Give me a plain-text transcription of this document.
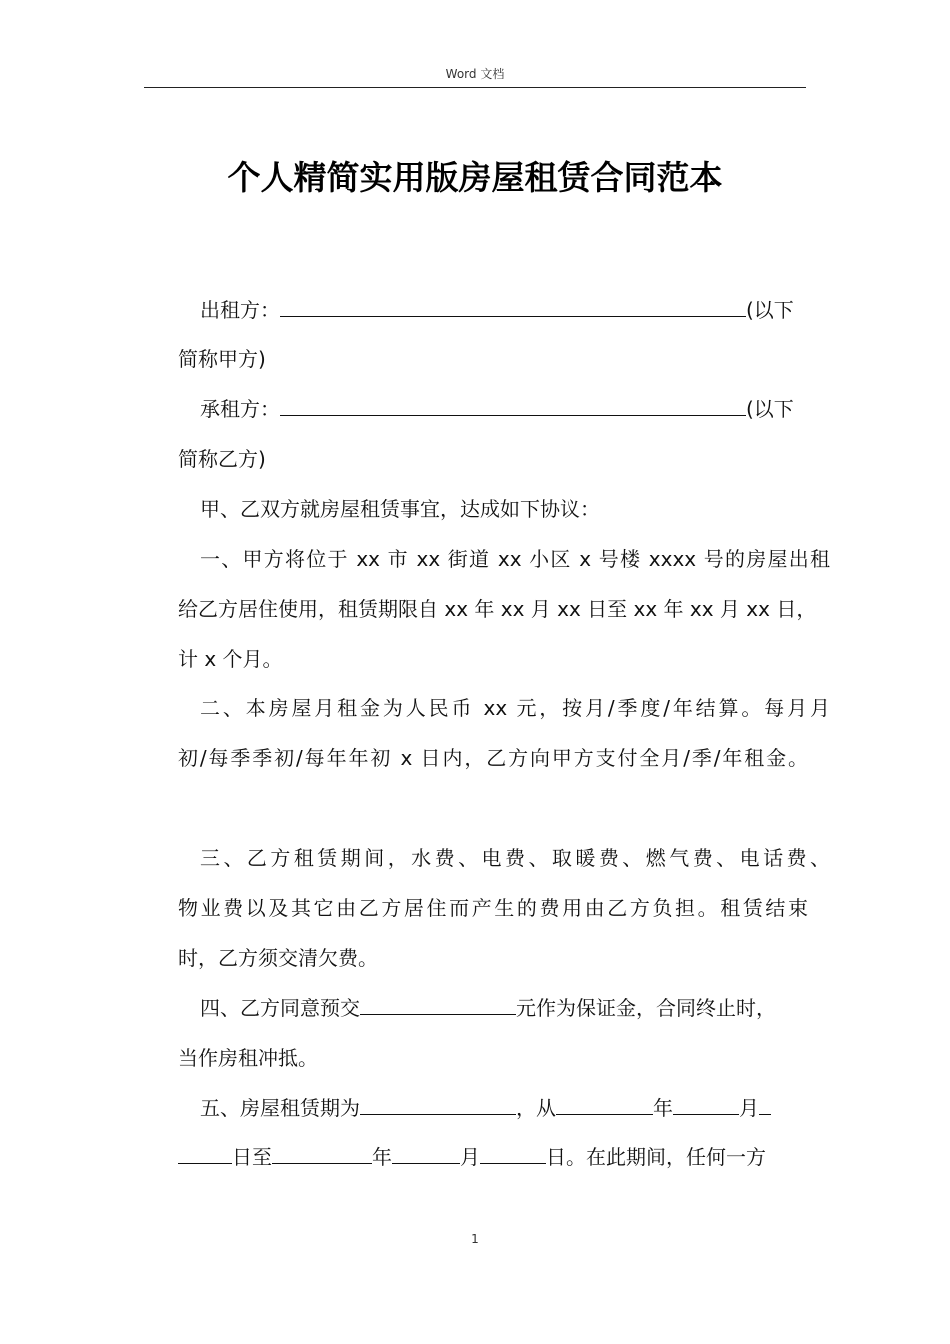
Word 文档
个人精简实用版房屋租赁合同范本
出租方：	(以下
简称甲方)
承租方：	(以下
简称乙方)
甲、乙双方就房屋租赁事宜，达成如下协议：
一、甲方将位于 xx 市 xx 街道 xx 小区 x 号楼 xxxx 号的房屋出租
给乙方居住使用，租赁期限自 xx 年 xx 月 xx 日至 xx 年 xx 月 xx 日，
计 x 个月。
二、本房屋月租金为人民币 xx 元，按月/季度/年结算。每月月
初/每季季初/每年年初 x 日内，乙方向甲方支付全月/季/年租金。
三、乙方租赁期间，水费、电费、取暖费、燃气费、电话费、
物业费以及其它由乙方居住而产生的费用由乙方负担。租赁结束
时，乙方须交清欠费。
四、乙方同意预交	元作为保证金，合同终止时，
当作房租冲抵。
五、房屋租赁期为	，从	年	月
日至	年	月	日。在此期间，任何一方
1
